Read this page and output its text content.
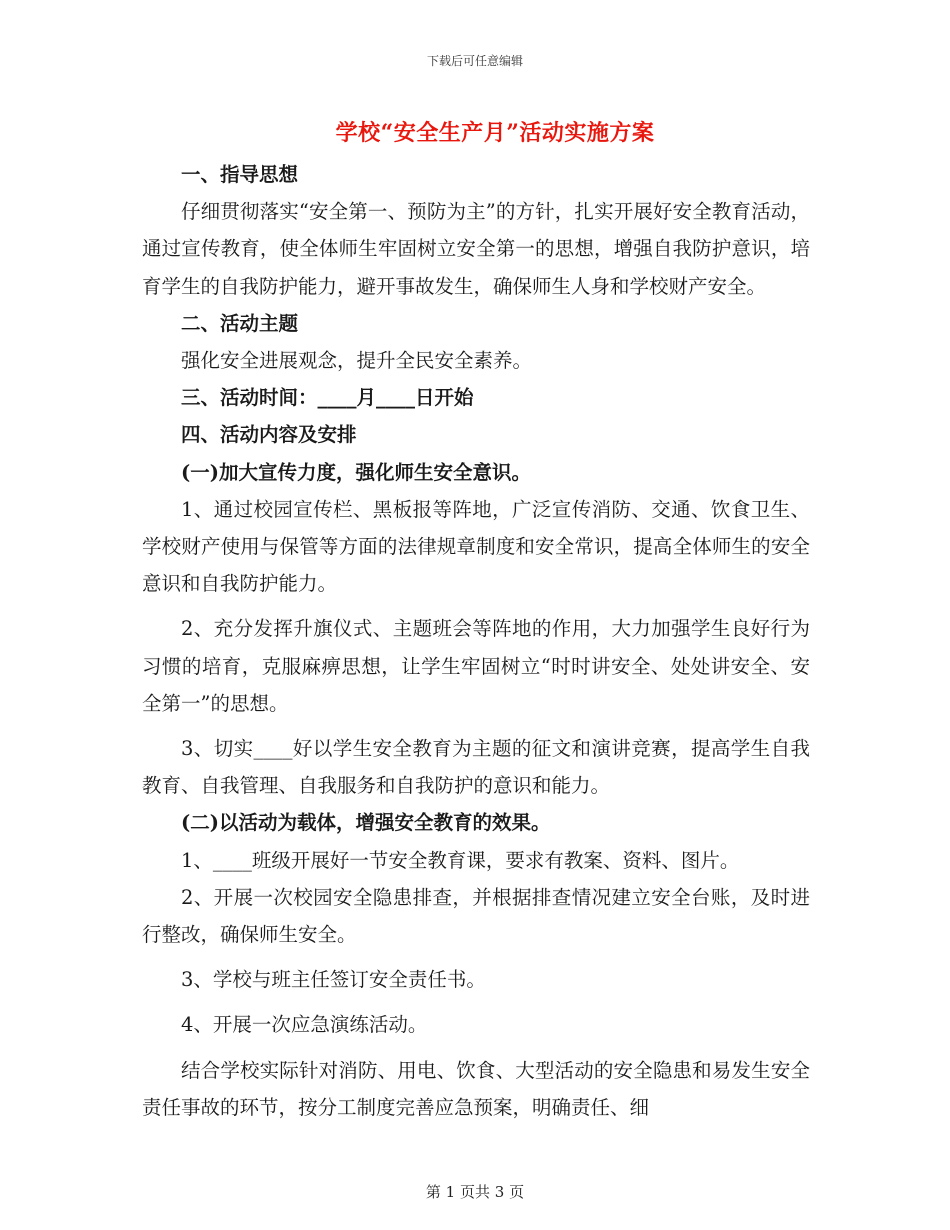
下载后可任意编辑
学校“安全生产月”活动实施方案

一、指导思想

仔细贯彻落实“安全第一、预防为主”的方针，扎实开展好安全教育活动，通过宣传教育，使全体师生牢固树立安全第一的思想，增强自我防护意识，培育学生的自我防护能力，避开事故发生，确保师生人身和学校财产安全。

二、活动主题

强化安全进展观念，提升全民安全素养。

三、活动时间：____月____日开始

四、活动内容及安排

(一)加大宣传力度，强化师生安全意识。

1、通过校园宣传栏、黑板报等阵地，广泛宣传消防、交通、饮食卫生、学校财产使用与保管等方面的法律规章制度和安全常识，提高全体师生的安全意识和自我防护能力。

2、充分发挥升旗仪式、主题班会等阵地的作用，大力加强学生良好行为习惯的培育，克服麻痹思想，让学生牢固树立“时时讲安全、处处讲安全、安全第一”的思想。

3、切实____好以学生安全教育为主题的征文和演讲竞赛，提高学生自我教育、自我管理、自我服务和自我防护的意识和能力。

(二)以活动为载体，增强安全教育的效果。

1、____班级开展好一节安全教育课，要求有教案、资料、图片。

2、开展一次校园安全隐患排查，并根据排查情况建立安全台账，及时进行整改，确保师生安全。

3、学校与班主任签订安全责任书。

4、开展一次应急演练活动。

结合学校实际针对消防、用电、饮食、大型活动的安全隐患和易发生安全责任事故的环节，按分工制度完善应急预案，明确责任、细

第 1 页共 3 页
